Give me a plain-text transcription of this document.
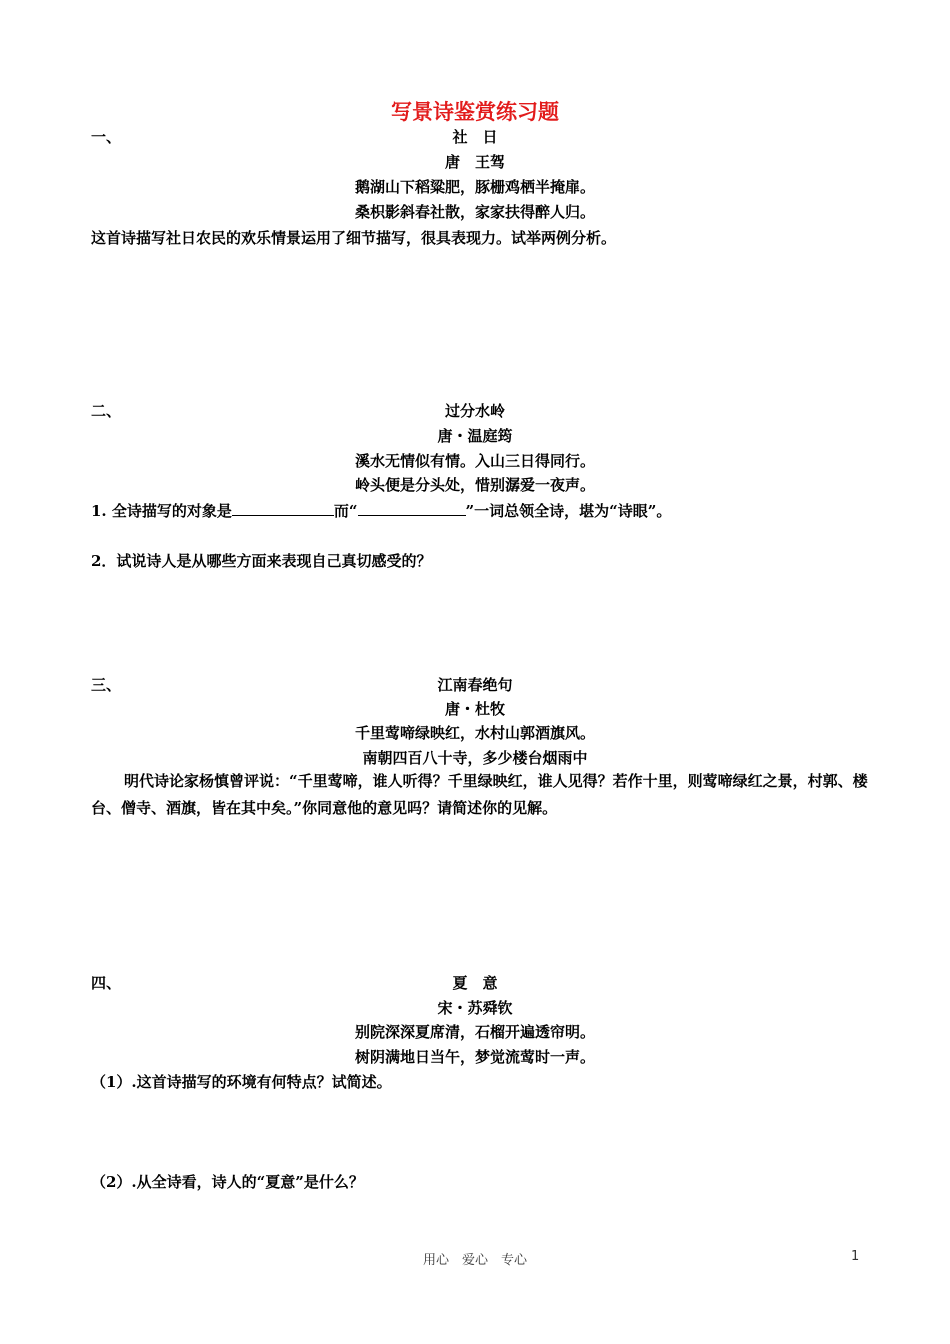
写景诗鉴赏练习题
一、	社　日
唐　王驾
鹅湖山下稻粱肥，豚栅鸡栖半掩扉。
桑枳影斜春社散，家家扶得醉人归。
这首诗描写社日农民的欢乐情景运用了细节描写，很具表现力。试举两例分析。
二、	过分水岭
唐・温庭筠
溪水无情似有情。入山三日得同行。
岭头便是分头处，惜别潺爱一夜声。
1. 全诗描写的对象是	而“	”一词总领全诗，堪为“诗眼”。
2．试说诗人是从哪些方面来表现自己真切感受的？
三、	江南春绝句
唐・杜牧
千里莺啼绿映红，水村山郭酒旗风。
南朝四百八十寺，多少楼台烟雨中
明代诗论家杨慎曾评说：“千里莺啼，谁人听得？千里绿映红，谁人见得？若作十里，则莺啼绿红之景，村郭、楼台、僧寺、酒旗，皆在其中矣。”你同意他的意见吗？请简述你的见解。
四、	夏　意
宋・苏舜钦
别院深深夏席清，石榴开遍透帘明。
树阴满地日当午，梦觉流莺时一声。
（1）.这首诗描写的环境有何特点？试简述。
（2）.从全诗看，诗人的“夏意”是什么？
用心　爱心　专心	1
